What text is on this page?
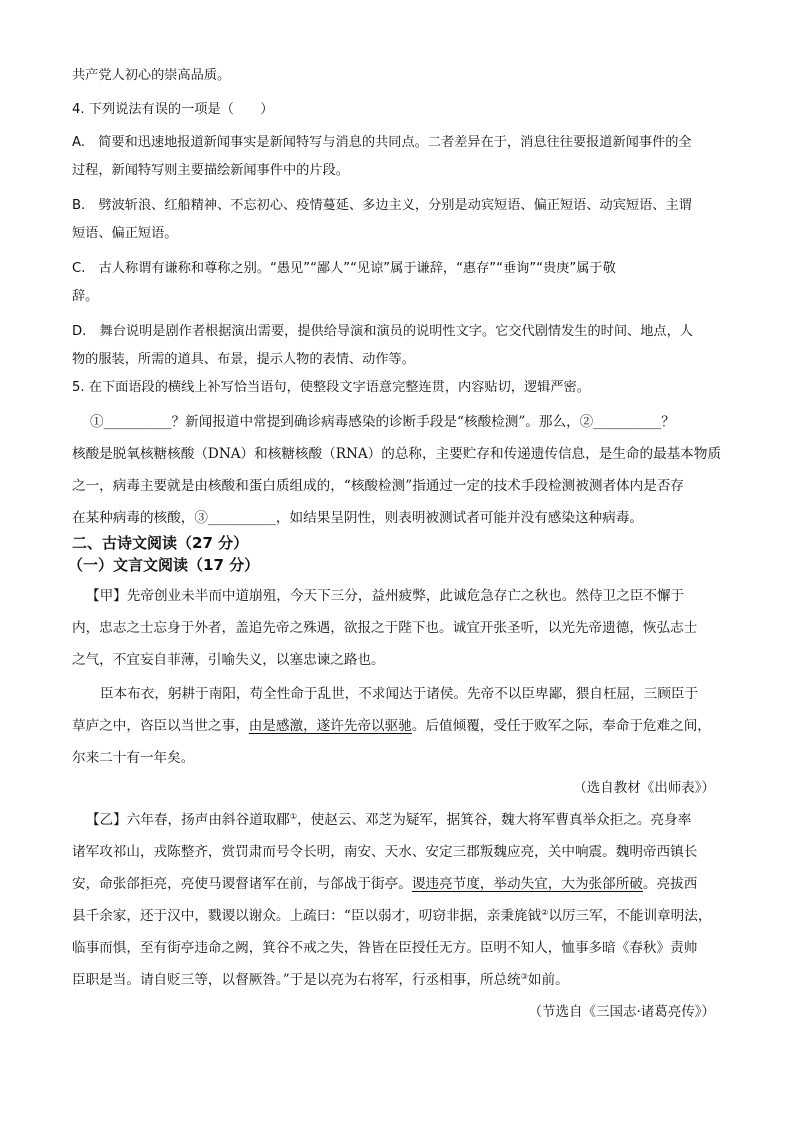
共产党人初心的崇高品质。
4. 下列说法有误的一项是（　　）
A.　简要和迅速地报道新闻事实是新闻特写与消息的共同点。二者差异在于，消息往往要报道新闻事件的全
过程，新闻特写则主要描绘新闻事件中的片段。
B.　劈波斩浪、红船精神、不忘初心、疫情蔓延、多边主义，分别是动宾短语、偏正短语、动宾短语、主谓
短语、偏正短语。
C.　古人称谓有谦称和尊称之别。“愚见”“鄙人”“见谅”属于谦辞，“惠存”“垂询”“贵庚”属于敬
辞。
D.　舞台说明是剧作者根据演出需要，提供给导演和演员的说明性文字。它交代剧情发生的时间、地点，人
物的服装，所需的道具、布景，提示人物的表情、动作等。
5. 在下面语段的横线上补写恰当语句，使整段文字语意完整连贯，内容贴切，逻辑严密。
①__________？新闻报道中常提到确诊病毒感染的诊断手段是“核酸检测”。那么，②__________？
核酸是脱氧核糖核酸（DNA）和核糖核酸（RNA）的总称，主要贮存和传递遗传信息，是生命的最基本物质
之一，病毒主要就是由核酸和蛋白质组成的，“核酸检测”指通过一定的技术手段检测被测者体内是否存
在某种病毒的核酸，③__________，如结果呈阴性，则表明被测试者可能并没有感染这种病毒。
二、古诗文阅读（27 分）
（一）文言文阅读（17 分）
【甲】先帝创业未半而中道崩殂，今天下三分，益州疲弊，此诚危急存亡之秋也。然侍卫之臣不懈于
内，忠志之士忘身于外者，盖追先帝之殊遇，欲报之于陛下也。诚宜开张圣听，以光先帝遗德，恢弘志士
之气，不宜妄自菲薄，引喻失义，以塞忠谏之路也。
臣本布衣，躬耕于南阳，苟全性命于乱世，不求闻达于诸侯。先帝不以臣卑鄙，猥自枉屈，三顾臣于
草庐之中，咨臣以当世之事，由是感激，遂许先帝以驱驰。后值倾覆，受任于败军之际，奉命于危难之间，
尔来二十有一年矣。
（选自教材《出师表》）
【乙】六年春，扬声由斜谷道取郿①，使赵云、邓芝为疑军，据箕谷，魏大将军曹真举众拒之。亮身率
诸军攻祁山，戎陈整齐，赏罚肃而号令长明，南安、天水、安定三郡叛魏应亮，关中响震。魏明帝西镇长
安，命张郃拒亮，亮使马谡督诸军在前，与郃战于街亭。谡违亮节度，举动失宜，大为张郃所破。亮拔西
县千余家，还于汉中，戮谡以谢众。上疏曰：“臣以弱才，叨窃非据，亲秉旄钺②以厉三军，不能训章明法，
临事而惧，至有街亭违命之阙，箕谷不戒之失，咎皆在臣授任无方。臣明不知人，恤事多暗《春秋》责帅
臣职是当。请自贬三等，以督厥咎。”于是以亮为右将军，行丞相事，所总统③如前。
（节选自《三国志·诸葛亮传》）
